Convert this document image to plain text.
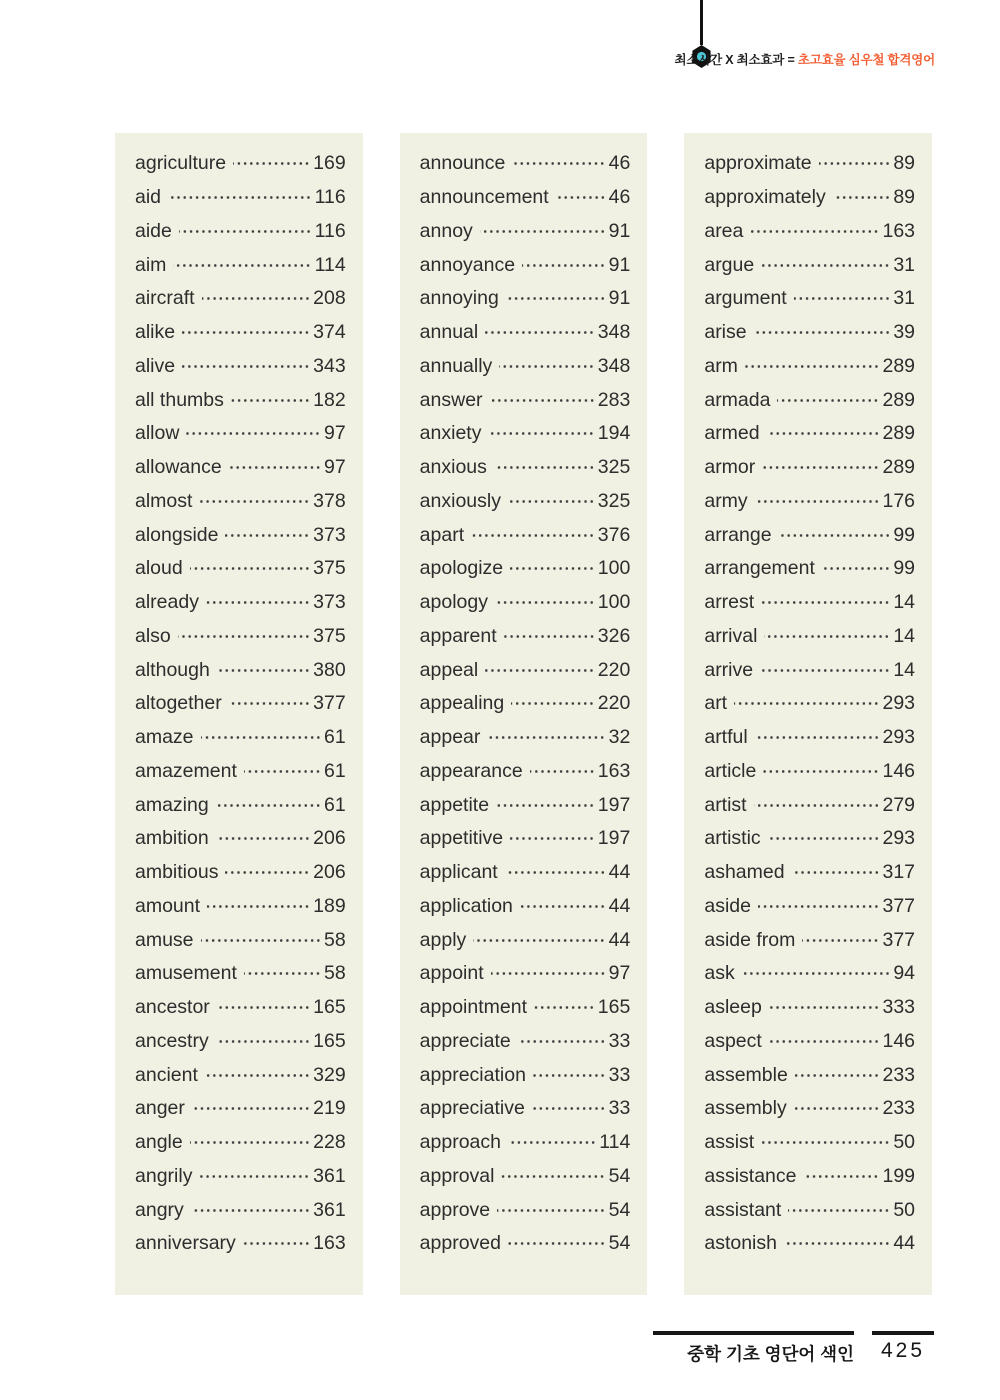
최소시간 X 최소효과 = 초고효율 심우철 합격영어
agriculture	169
aid	116
aide	116
aim	114
aircraft	208
alike	374
alive	343
all thumbs	182
allow	97
allowance	97
almost	378
alongside	373
aloud	375
already	373
also	375
although	380
altogether	377
amaze	61
amazement	61
amazing	61
ambition	206
ambitious	206
amount	189
amuse	58
amusement	58
ancestor	165
ancestry	165
ancient	329
anger	219
angle	228
angrily	361
angry	361
anniversary	163
announce	46
announcement	46
annoy	91
annoyance	91
annoying	91
annual	348
annually	348
answer	283
anxiety	194
anxious	325
anxiously	325
apart	376
apologize	100
apology	100
apparent	326
appeal	220
appealing	220
appear	32
appearance	163
appetite	197
appetitive	197
applicant	44
application	44
apply	44
appoint	97
appointment	165
appreciate	33
appreciation	33
appreciative	33
approach	114
approval	54
approve	54
approved	54
approximate	89
approximately	89
area	163
argue	31
argument	31
arise	39
arm	289
armada	289
armed	289
armor	289
army	176
arrange	99
arrangement	99
arrest	14
arrival	14
arrive	14
art	293
artful	293
article	146
artist	279
artistic	293
ashamed	317
aside	377
aside from	377
ask	94
asleep	333
aspect	146
assemble	233
assembly	233
assist	50
assistance	199
assistant	50
astonish	44
중학 기초 영단어 색인	425
